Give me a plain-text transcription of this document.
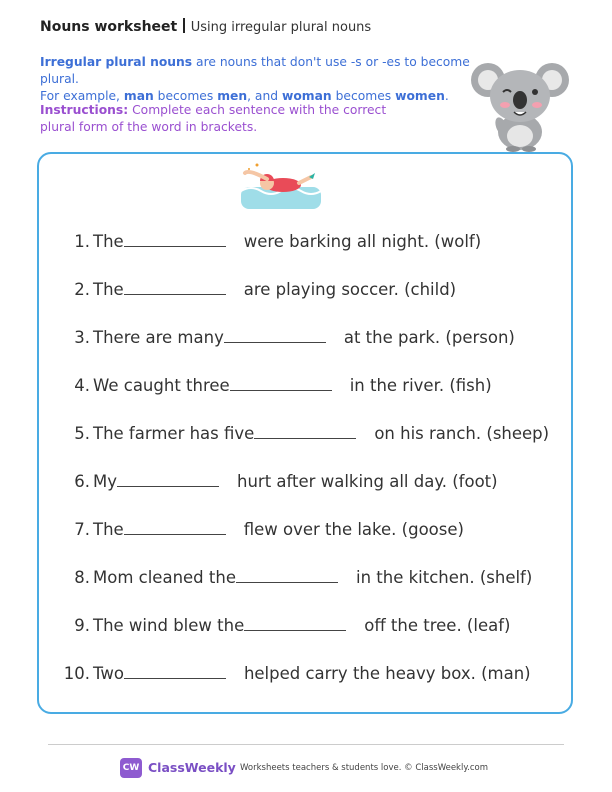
Nouns worksheet Using irregular plural nouns
Irregular plural nouns are nouns that don't use -s or -es to become plural.
For example, man becomes men, and woman becomes women.
Instructions: Complete each sentence with the correct plural form of the word in brackets.
1. The	were barking all night. (wolf)
2. The	are playing soccer. (child)
3. There are many	at the park. (person)
4. We caught three	in the river. (fish)
5. The farmer has five	on his ranch. (sheep)
6. My	hurt after walking all day. (foot)
7. The	flew over the lake. (goose)
8. Mom cleaned the	in the kitchen. (shelf)
9. The wind blew the	off the tree. (leaf)
10. Two	helped carry the heavy box. (man)
CW ClassWeekly Worksheets teachers & students love. © ClassWeekly.com
